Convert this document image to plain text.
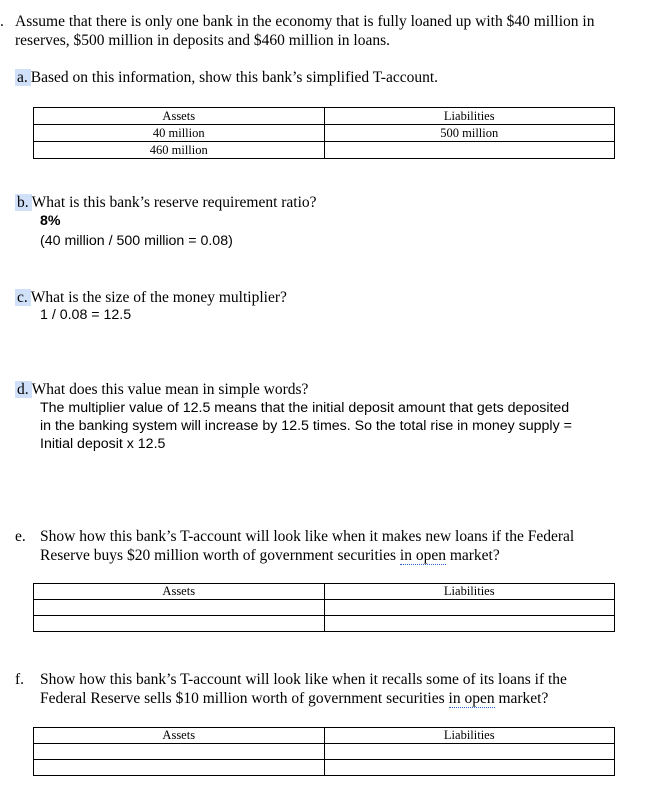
. Assume that there is only one bank in the economy that is fully loaned up with $40 million in
reserves, $500 million in deposits and $460 million in loans.
a. Based on this information, show this bank’s simplified T-account.
Assets	Liabilities
40 million	500 million
460 million	
b. What is this bank’s reserve requirement ratio?
8%
(40 million / 500 million = 0.08)
c. What is the size of the money multiplier?
1 / 0.08 = 12.5
d. What does this value mean in simple words?
The multiplier value of 12.5 means that the initial deposit amount that gets deposited
in the banking system will increase by 12.5 times. So the total rise in money supply =
Initial deposit x 12.5
e. Show how this bank’s T-account will look like when it makes new loans if the Federal
Reserve buys $20 million worth of government securities in open market?
Assets	Liabilities

f. Show how this bank’s T-account will look like when it recalls some of its loans if the
Federal Reserve sells $10 million worth of government securities in open market?
Assets	Liabilities
